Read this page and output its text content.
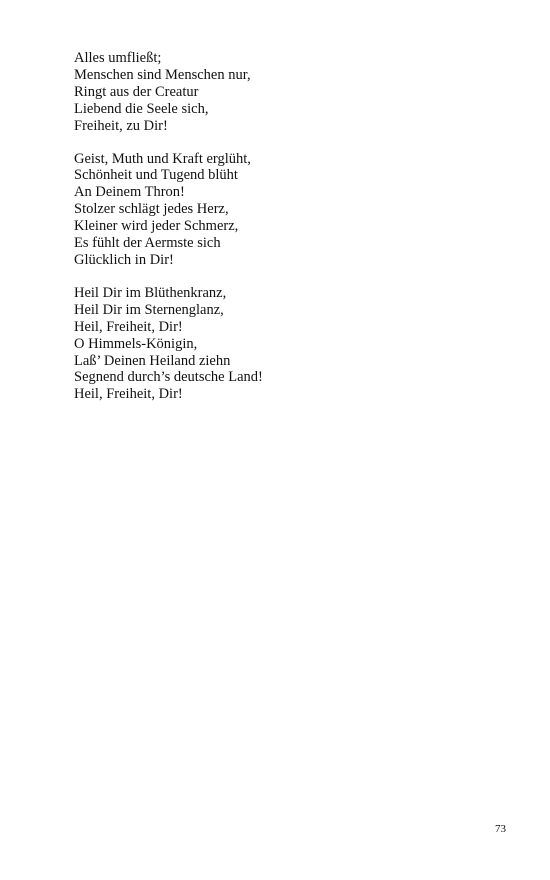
Alles umfließt;
Menschen sind Menschen nur,
Ringt aus der Creatur
Liebend die Seele sich,
Freiheit, zu Dir!
Geist, Muth und Kraft erglüht,
Schönheit und Tugend blüht
An Deinem Thron!
Stolzer schlägt jedes Herz,
Kleiner wird jeder Schmerz,
Es fühlt der Aermste sich
Glücklich in Dir!
Heil Dir im Blüthenkranz,
Heil Dir im Sternenglanz,
Heil, Freiheit, Dir!
O Himmels-Königin,
Laß’ Deinen Heiland ziehn
Segnend durch’s deutsche Land!
Heil, Freiheit, Dir!
73
